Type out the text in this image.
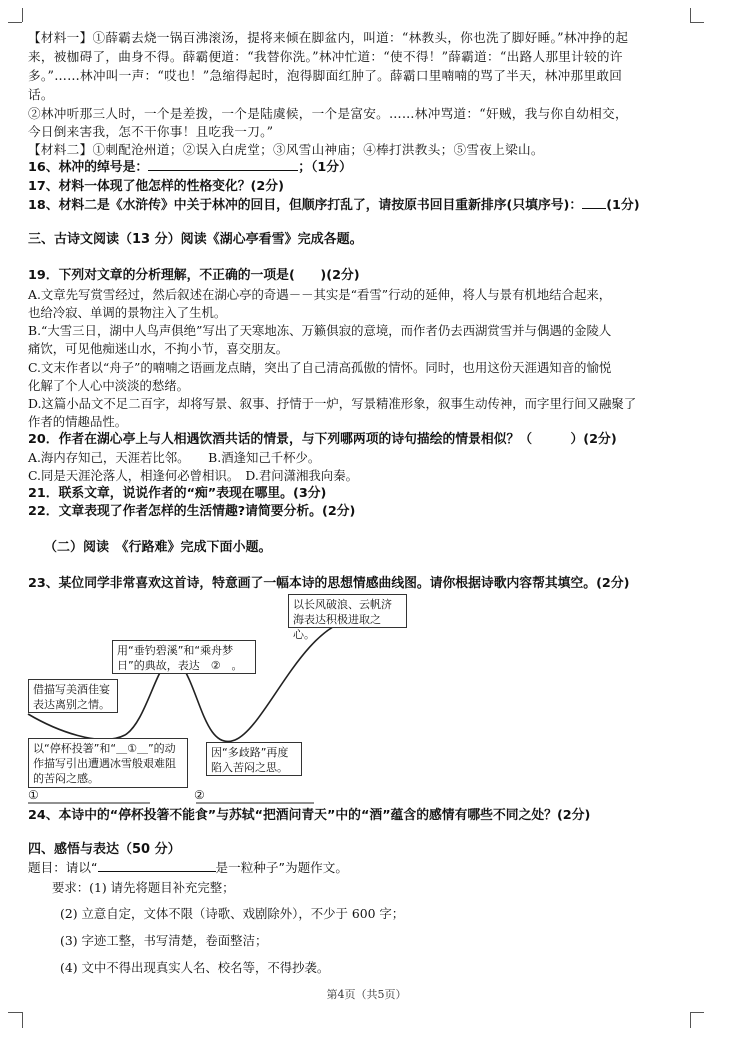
【材料一】①薛霸去烧一锅百沸滚汤，提将来倾在脚盆内，叫道：“林教头，你也洗了脚好睡。”林冲挣的起
来，被枷碍了，曲身不得。薛霸便道：“我替你洗。”林冲忙道：“使不得！”薛霸道：“出路人那里计较的许
多。”……林冲叫一声：“哎也！”急缩得起时，泡得脚面红肿了。薛霸口里喃喃的骂了半天，林冲那里敢回
话。
②林冲听那三人时，一个是差拨，一个是陆虞候，一个是富安。……林冲骂道：“奸贼，我与你自幼相交，
今日倒来害我，怎不干你事！且吃我一刀。”
【材料二】①刺配沧州道；②误入白虎堂；③风雪山神庙；④棒打洪教头；⑤雪夜上梁山。
16、林冲的绰号是：	；（1分）
17、材料一体现了他怎样的性格变化？(2分)
18、材料二是《水浒传》中关于林冲的回目，但顺序打乱了，请按原书回目重新排序(只填序号)： (1分)
三、古诗文阅读（13 分）阅读《湖心亭看雪》完成各题。
19．下列对文章的分析理解，不正确的一项是(　　)(2分)
A.文章先写赏雪经过，然后叙述在湖心亭的奇遇－－其实是“看雪”行动的延伸，将人与景有机地结合起来，
也给冷寂、单调的景物注入了生机。
B.“大雪三日，湖中人鸟声俱绝”写出了天寒地冻、万籁俱寂的意境，而作者仍去西湖赏雪并与偶遇的金陵人
痛饮，可见他痴迷山水，不拘小节，喜交朋友。
C.文末作者以“舟子”的喃喃之语画龙点睛，突出了自己清高孤傲的情怀。同时，也用这份天涯遇知音的愉悦
化解了个人心中淡淡的愁绪。
D.这篇小品文不足二百字，却将写景、叙事、抒情于一炉，写景精准形象，叙事生动传神，而字里行间又融聚了
作者的情趣品性。
20．作者在湖心亭上与人相遇饮酒共话的情景，与下列哪两项的诗句描绘的情景相似？（　　　）(2分)
A.海内存知己，天涯若比邻。　　B.酒逢知己千杯少。
C.同是天涯沦落人，相逢何必曾相识。　D.君问潇湘我向秦。
21．联系文章，说说作者的“痴”表现在哪里。(3分)
22．文章表现了作者怎样的生活情趣?请简要分析。(2分)
（二）阅读　《行路难》完成下面小题。
23、某位同学非常喜欢这首诗，特意画了一幅本诗的思想情感曲线图。请你根据诗歌内容帮其填空。(2分)
以长风破浪、云帆济海表达积极进取之心。
用“垂钓碧溪”和“乘舟梦日”的典故，表达　②　。
借描写美酒佳宴表达离别之情。
以“停杯投箸”和“＿①＿”的动作描写引出遭遇冰雪般艰难阻的苦闷之感。
因“多歧路”再度陷入苦闷之思。
①	②
24、本诗中的“停杯投箸不能食”与苏轼“把酒问青天”中的“酒”蕴含的感情有哪些不同之处？(2分)
四、感悟与表达（50 分）
题目：请以“	是一粒种子”为题作文。
要求：(1) 请先将题目补充完整；
(2) 立意自定，文体不限（诗歌、戏剧除外），不少于 600 字；
(3) 字迹工整，书写清楚，卷面整洁；
(4) 文中不得出现真实人名、校名等，不得抄袭。
第4页（共5页）
